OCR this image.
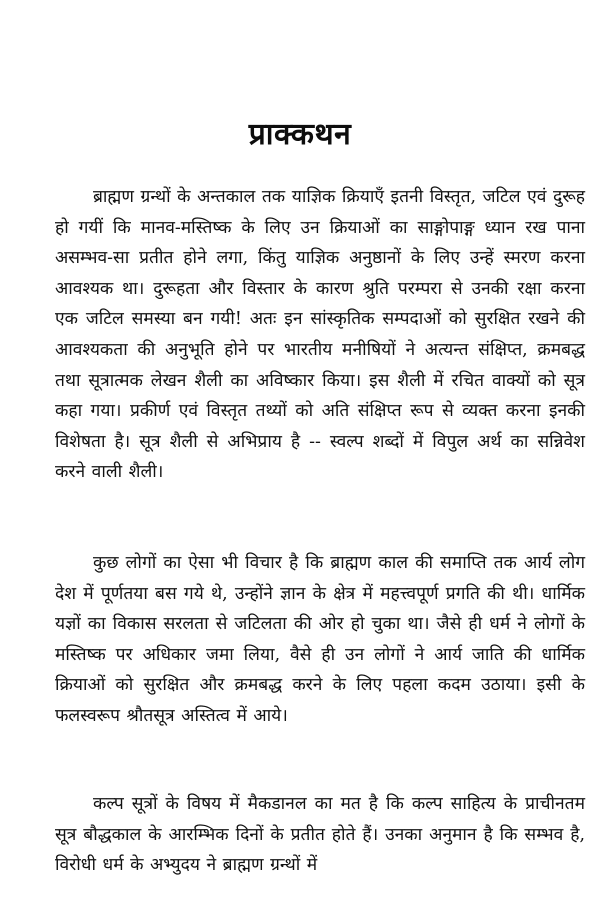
प्राक्कथन

ब्राह्मण ग्रन्थों के अन्तकाल तक याज्ञिक क्रियाएँ इतनी विस्तृत, जटिल एवं दुरूह हो गयीं कि मानव-मस्तिष्क के लिए उन क्रियाओं का साङ्गोपाङ्ग ध्यान रख पाना असम्भव-सा प्रतीत होने लगा, किंतु याज्ञिक अनुष्ठानों के लिए उन्हें स्मरण करना आवश्यक था। दुरूहता और विस्तार के कारण श्रुति परम्परा से उनकी रक्षा करना एक जटिल समस्या बन गयी! अतः इन सांस्कृतिक सम्पदाओं को सुरक्षित रखने की आवश्यकता की अनुभूति होने पर भारतीय मनीषियों ने अत्यन्त संक्षिप्त, क्रमबद्ध तथा सूत्रात्मक लेखन शैली का अविष्कार किया। इस शैली में रचित वाक्यों को सूत्र कहा गया। प्रकीर्ण एवं विस्तृत तथ्यों को अति संक्षिप्त रूप से व्यक्त करना इनकी विशेषता है। सूत्र शैली से अभिप्राय है -- स्वल्प शब्दों में विपुल अर्थ का सन्निवेश करने वाली शैली।

कुछ लोगों का ऐसा भी विचार है कि ब्राह्मण काल की समाप्ति तक आर्य लोग देश में पूर्णतया बस गये थे, उन्होंने ज्ञान के क्षेत्र में महत्त्वपूर्ण प्रगति की थी। धार्मिक यज्ञों का विकास सरलता से जटिलता की ओर हो चुका था। जैसे ही धर्म ने लोगों के मस्तिष्क पर अधिकार जमा लिया, वैसे ही उन लोगों ने आर्य जाति की धार्मिक क्रियाओं को सुरक्षित और क्रमबद्ध करने के लिए पहला कदम उठाया। इसी के फलस्वरूप श्रौतसूत्र अस्तित्व में आये।

कल्प सूत्रों के विषय में मैकडानल का मत है कि कल्प साहित्य के प्राचीनतम सूत्र बौद्धकाल के आरम्भिक दिनों के प्रतीत होते हैं। उनका अनुमान है कि सम्भव है, विरोधी धर्म के अभ्युदय ने ब्राह्मण ग्रन्थों में
